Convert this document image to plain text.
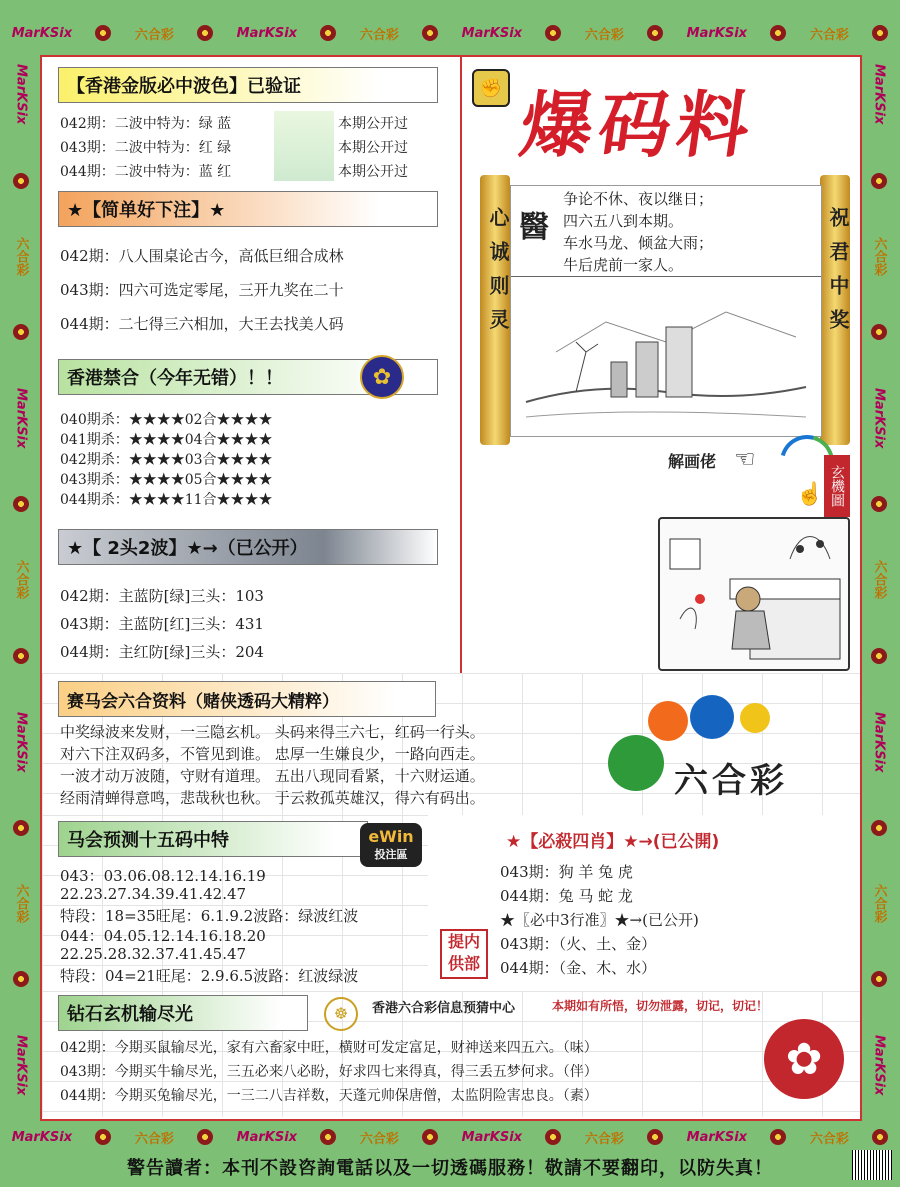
MarKSix	六合彩	MarKSix	六合彩	MarKSix	六合彩	MarKSix	六合彩
MarKSix	六合彩	MarKSix	六合彩	MarKSix	六合彩	MarKSix	六合彩
MarKSix
六合彩
MarKSix
六合彩
MarKSix
六合彩
MarKSix
MarKSix
六合彩
MarKSix
六合彩
MarKSix
六合彩
MarKSix
【香港金版必中波色】已验证
042期：二波中特为：绿 蓝	本期公开过
043期：二波中特为：红 绿	本期公开过
044期：二波中特为：蓝 红	本期公开过
★【简单好下注】★
042期：八人围桌论古今，高低巨细合成林
043期：四六可选定零尾，三开九奖在二十
044期：二七得三六相加，大王去找美人码
香港禁合（今年无错）！！	✿
040期杀：★★★★02合★★★★
041期杀：★★★★04合★★★★
042期杀：★★★★03合★★★★
043期杀：★★★★05合★★★★
044期杀：★★★★11合★★★★
★【 2头2波】★→（已公开）
042期：主蓝防[绿]三头：103
043期：主蓝防[红]三头：431
044期：主红防[绿]三头：204
✊ 爆码料
心诚则灵	祝君中奖
醫
争论不休、夜以继日；
四六五八到本期。
车水马龙、倾盆大雨；
牛后虎前一家人。
解画佬 ☜
☝ 玄機圖
赛马会六合资料（赌侠透码大精粹）
中奖绿波来发财，一三隐玄机。 头码来得三六七，红码一行头。
对六下注双码多，不管见到谁。 忠厚一生嫌良少，一路向西走。
一波才动万波随，守财有道理。 五出八现同看紧，十六财运通。
经雨清蝉得意鸣，悲哉秋也秋。 于云救孤英雄汉，得六有码出。	六合彩
马会预测十五码中特	eWin
投注區
043：03.06.08.12.14.16.19
22.23.27.34.39.41.42.47
特段：18=35旺尾：6.1.9.2波路：绿波红波
044：04.05.12.14.16.18.20
22.25.28.32.37.41.45.47
特段：04=21旺尾：2.9.6.5波路：红波绿波
★【必殺四肖】★→(已公開)
043期：狗 羊 兔 虎
044期：兔 马 蛇 龙
★〖必中3行准〗★→(已公开)
043期：（火、土、金）
044期：（金、木、水）
提内供部
钻石玄机输尽光	☸	香港六合彩信息预猜中心	本期如有所悟，切勿泄露，切记，切记！
042期：今期买鼠输尽光，家有六畜家中旺，横财可发定富足，财神送来四五六。（味）
043期：今期买牛输尽光，三五必来八必盼，好求四七来得真，得三丢五梦何求。（伴）
044期：今期买兔输尽光，一三二八吉祥数，天蓬元帅保唐僧，太监阴险害忠良。（素）
✿
警告讀者：本刊不設咨詢電話以及一切透碼服務！敬請不要翻印，以防失真！
